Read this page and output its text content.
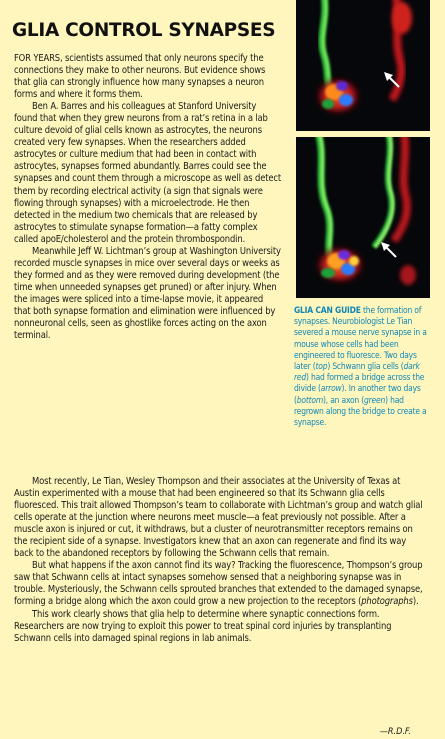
GLIA CONTROL SYNAPSES

FOR YEARS, scientists assumed that only neurons specify the connections they make to other neurons. But evidence shows that glia can strongly influence how many synapses a neuron forms and where it forms them.

Ben A. Barres and his colleagues at Stanford University found that when they grew neurons from a rat’s retina in a lab culture devoid of glial cells known as astrocytes, the neurons created very few synapses. When the researchers added astrocytes or culture medium that had been in contact with astrocytes, synapses formed abundantly. Barres could see the synapses and count them through a microscope as well as detect them by recording electrical activity (a sign that signals were flowing through synapses) with a microelectrode. He then detected in the medium two chemicals that are released by astrocytes to stimulate synapse formation—a fatty complex called apoE/cholesterol and the protein thrombospondin.

Meanwhile Jeff W. Lichtman’s group at Washington University recorded muscle synapses in mice over several days or weeks as they formed and as they were removed during development (the time when unneeded synapses get pruned) or after injury. When the images were spliced into a time-lapse movie, it appeared that both synapse formation and elimination were influenced by nonneuronal cells, seen as ghostlike forces acting on the axon terminal.

Most recently, Le Tian, Wesley Thompson and their associates at the University of Texas at Austin experimented with a mouse that had been engineered so that its Schwann glia cells fluoresced. This trait allowed Thompson’s team to collaborate with Lichtman’s group and watch glial cells operate at the junction where neurons meet muscle—a feat previously not possible. After a muscle axon is injured or cut, it withdraws, but a cluster of neurotransmitter receptors remains on the recipient side of a synapse. Investigators knew that an axon can regenerate and find its way back to the abandoned receptors by following the Schwann cells that remain.

But what happens if the axon cannot find its way? Tracking the fluorescence, Thompson’s group saw that Schwann cells at intact synapses somehow sensed that a neighboring synapse was in trouble. Mysteriously, the Schwann cells sprouted branches that extended to the damaged synapse, forming a bridge along which the axon could grow a new projection to the receptors (photographs).

This work clearly shows that glia help to determine where synaptic connections form. Researchers are now trying to exploit this power to treat spinal cord injuries by transplanting Schwann cells into damaged spinal regions in lab animals.

—R.D.F.
GLIA CAN GUIDE the formation of synapses. Neurobiologist Le Tian severed a mouse nerve synapse in a mouse whose cells had been engineered to fluoresce. Two days later (top) Schwann glia cells (dark red) had formed a bridge across the divide (arrow). In another two days (bottom), an axon (green) had regrown along the bridge to create a synapse.
